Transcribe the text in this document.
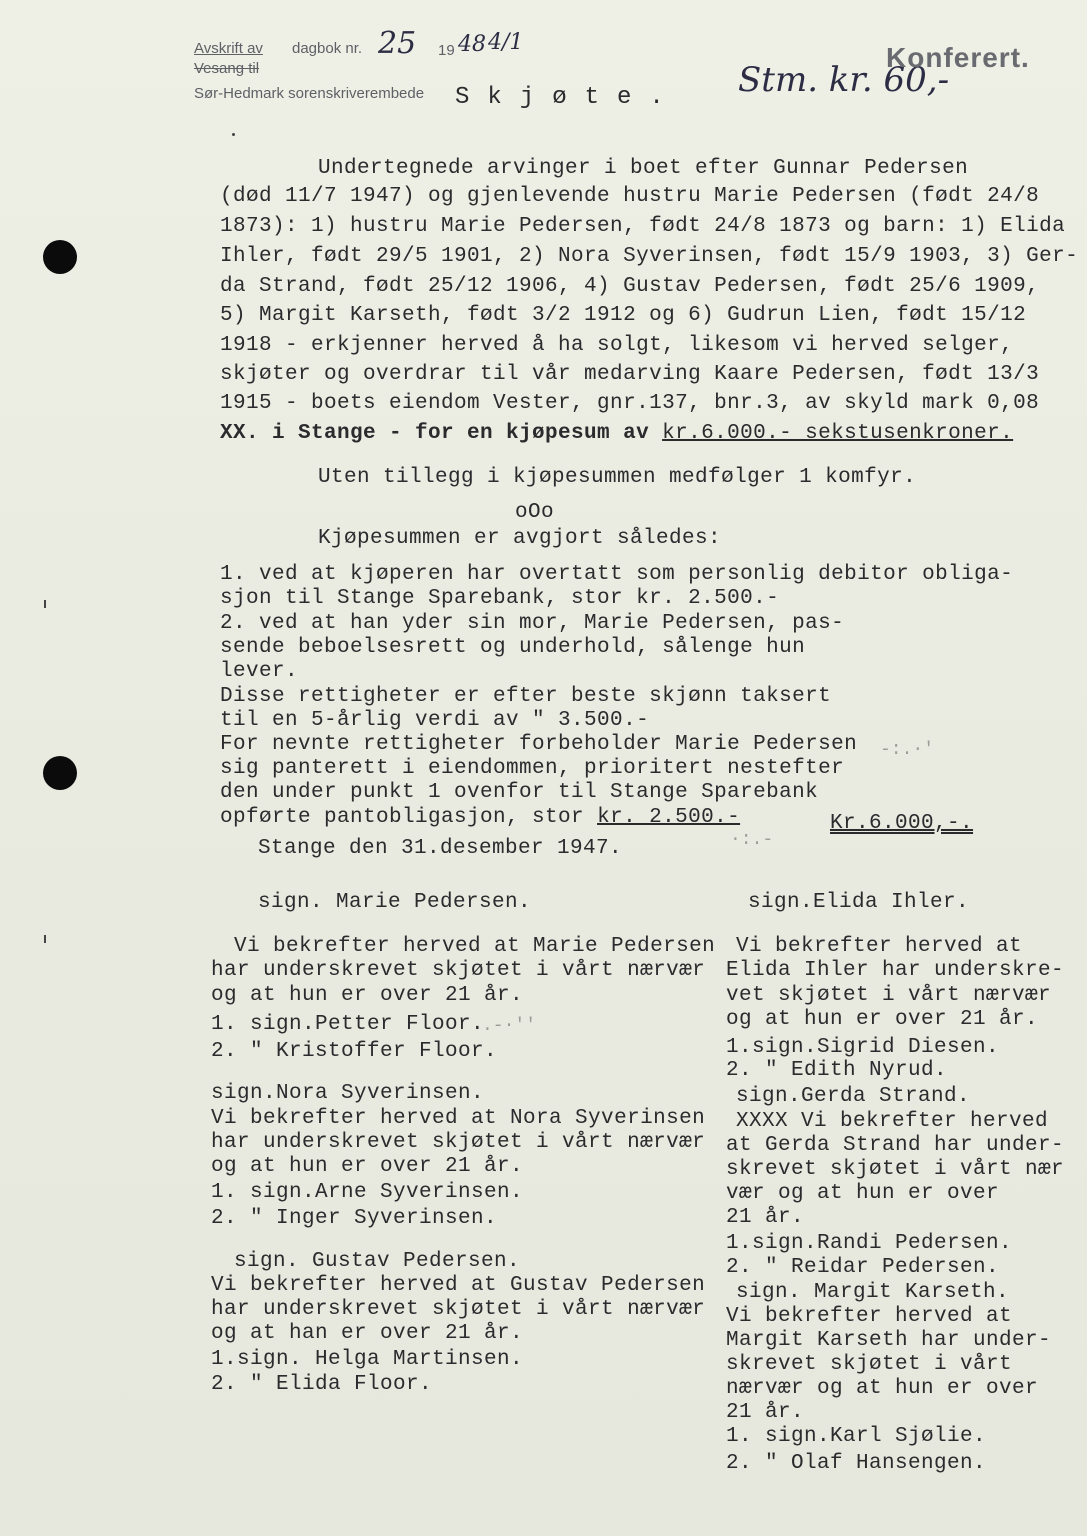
Avskrift av
Vesang til
Sør-Hedmark sorenskriverembede
dagbok nr. 25 19 48 4/1
Skjøte. Stm. kr. 60,-
Konferert.
Undertegnede arvinger i boet efter Gunnar Pedersen
(død 11/7 1947) og gjenlevende hustru Marie Pedersen (født 24/8
1873): 1) hustru Marie Pedersen, født 24/8 1873 og barn: 1) Elida
Ihler, født 29/5 1901, 2) Nora Syverinsen, født 15/9 1903, 3) Ger-
da Strand, født 25/12 1906, 4) Gustav Pedersen, født 25/6 1909,
5) Margit Karseth, født 3/2 1912 og 6) Gudrun Lien, født 15/12
1918 - erkjenner herved å ha solgt, likesom vi herved selger,
skjøter og overdrar til vår medarving Kaare Pedersen, født 13/3
1915 - boets eiendom Vester, gnr.137, bnr.3, av skyld mark 0,08
XX. i Stange - for en kjøpesum av kr.6.000.- sekstusenkroner.
Uten tillegg i kjøpesummen medfølger 1 komfyr.
oOo
Kjøpesummen er avgjort således:
1. ved at kjøperen har overtatt som personlig debitor obliga-
sjon til Stange Sparebank, stor kr. 2.500.-
2. ved at han yder sin mor, Marie Pedersen, pas-
sende beboelsesrett og underhold, sålenge hun
lever.
Disse rettigheter er efter beste skjønn taksert
til en 5-årlig verdi av " 3.500.-
For nevnte rettigheter forbeholder Marie Pedersen
sig panterett i eiendommen, prioritert nestefter
den under punkt 1 ovenfor til Stange Sparebank
opførte pantobligasjon, stor kr. 2.500.-
-:.·'
·:.-
Kr.6.000,-.
Stange den 31.desember 1947.
sign. Marie Pedersen.
Vi bekrefter herved at Marie Pedersen
har underskrevet skjøtet i vårt nærvær
og at hun er over 21 år.
1. sign.Petter Floor.
2. " Kristoffer Floor.
sign.Nora Syverinsen.
Vi bekrefter herved at Nora Syverinsen
har underskrevet skjøtet i vårt nærvær
og at hun er over 21 år.
1. sign.Arne Syverinsen.
2. " Inger Syverinsen.
sign. Gustav Pedersen.
Vi bekrefter herved at Gustav Pedersen
har underskrevet skjøtet i vårt nærvær
og at han er over 21 år.
1.sign. Helga Martinsen.
2. " Elida Floor.
.-·''
sign.Elida Ihler.
Vi bekrefter herved at
Elida Ihler har underskre-
vet skjøtet i vårt nærvær
og at hun er over 21 år.
1.sign.Sigrid Diesen.
2. " Edith Nyrud.
sign.Gerda Strand.
XXXX Vi bekrefter herved
at Gerda Strand har under-
skrevet skjøtet i vårt nær
vær og at hun er over
21 år.
1.sign.Randi Pedersen.
2. " Reidar Pedersen.
sign. Margit Karseth.
Vi bekrefter herved at
Margit Karseth har under-
skrevet skjøtet i vårt
nærvær og at hun er over
21 år.
1. sign.Karl Sjølie.
2. " Olaf Hansengen.
